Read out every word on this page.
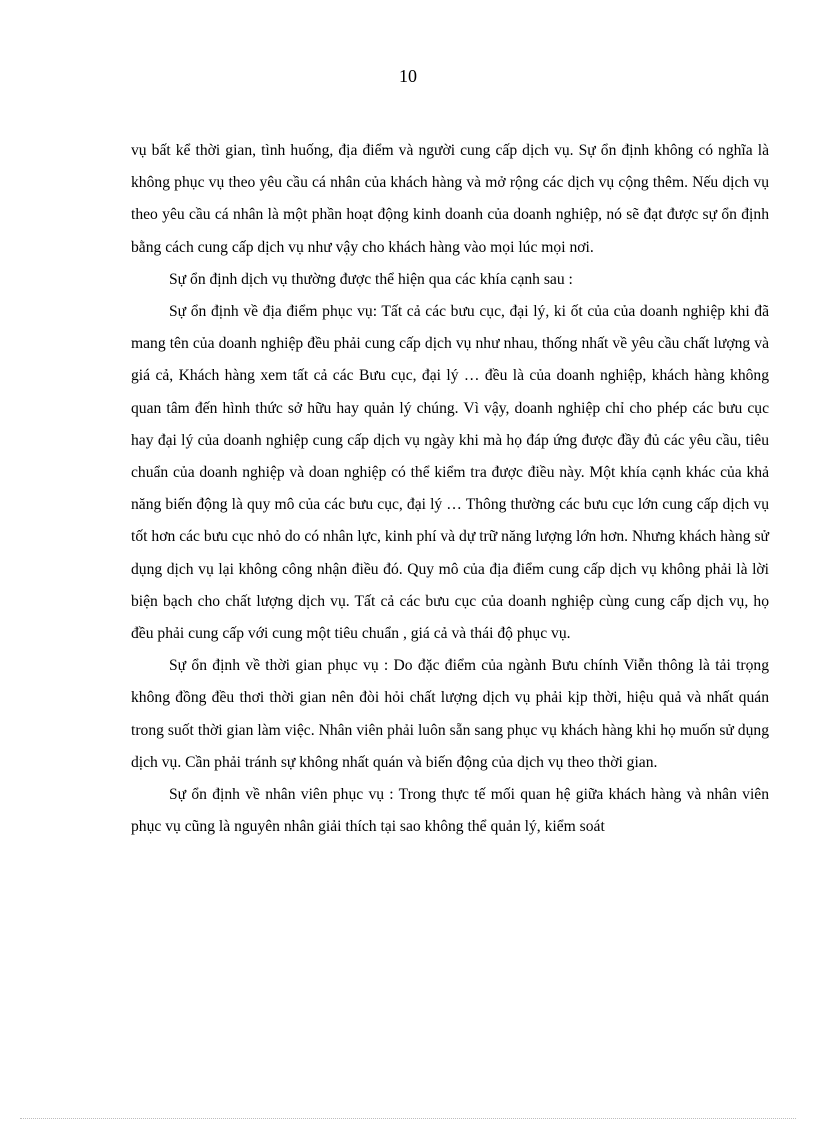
10

vụ bất kể thời gian, tình huống, địa điểm và người cung cấp dịch vụ. Sự ổn định không có nghĩa là không phục vụ theo yêu cầu cá nhân của khách hàng và mở rộng các dịch vụ cộng thêm. Nếu dịch vụ theo yêu cầu cá nhân là một phần hoạt động kinh doanh của doanh nghiệp, nó sẽ đạt được sự ổn định bằng cách cung cấp dịch vụ như vậy cho khách hàng vào mọi lúc mọi nơi.

Sự ổn định dịch vụ thường được thể hiện qua các khía cạnh sau :

Sự ổn định về địa điểm phục vụ: Tất cả các bưu cục, đại lý, ki ốt của của doanh nghiệp khi đã mang tên của doanh nghiệp đều phải cung cấp dịch vụ như nhau, thống nhất về yêu cầu chất lượng và giá cả, Khách hàng xem tất cả các Bưu cục, đại lý … đều là của doanh nghiệp, khách hàng không quan tâm đến hình thức sở hữu hay quản lý chúng. Vì vậy, doanh nghiệp chỉ cho phép các bưu cục hay đại lý của doanh nghiệp cung cấp dịch vụ ngày khi mà họ đáp ứng được đầy đủ các yêu cầu, tiêu chuẩn của doanh nghiệp và doan nghiệp có thể kiểm tra được điều này. Một khía cạnh khác của khả năng biến động là quy mô của các bưu cục, đại lý … Thông thường các bưu cục lớn cung cấp dịch vụ tốt hơn các bưu cục nhỏ do có nhân lực, kinh phí và dự trữ năng lượng lớn hơn. Nhưng khách hàng sử dụng dịch vụ lại không công nhận điều đó. Quy mô của địa điểm cung cấp dịch vụ không phải là lời biện bạch cho chất lượng dịch vụ. Tất cả các bưu cục của doanh nghiệp cùng cung cấp dịch vụ, họ đều phải cung cấp với cung một tiêu chuẩn , giá cả và thái độ phục vụ.

Sự ổn định về thời gian phục vụ : Do đặc điểm của ngành Bưu chính Viễn thông là tải trọng không đồng đều thơi thời gian nên đòi hỏi chất lượng dịch vụ phải kịp thời, hiệu quả và nhất quán trong suốt thời gian làm việc. Nhân viên phải luôn sẵn sang phục vụ khách hàng khi họ muốn sử dụng dịch vụ. Cần phải tránh sự không nhất quán và biến động của dịch vụ theo thời gian.

Sự ổn định về nhân viên phục vụ : Trong thực tế mối quan hệ giữa khách hàng và nhân viên phục vụ cũng là nguyên nhân giải thích tại sao không thể quản lý, kiểm soát
